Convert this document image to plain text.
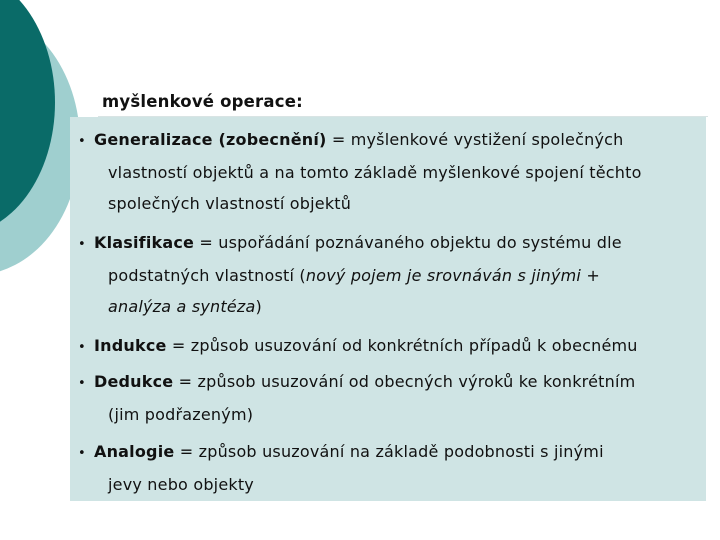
myšlenkové operace:
• Generalizace (zobecnění) = myšlenkové vystižení společných
vlastností objektů a na tomto základě myšlenkové spojení těchto
společných vlastností objektů
• Klasifikace = uspořádání poznávaného objektu do systému dle
podstatných vlastností (nový pojem je srovnáván s jinými +
analýza a syntéza)
• Indukce = způsob usuzování od konkrétních případů k obecnému
• Dedukce = způsob usuzování od obecných výroků ke konkrétním
(jim podřazeným)
• Analogie = způsob usuzování na základě podobnosti s jinými
jevy nebo objekty
